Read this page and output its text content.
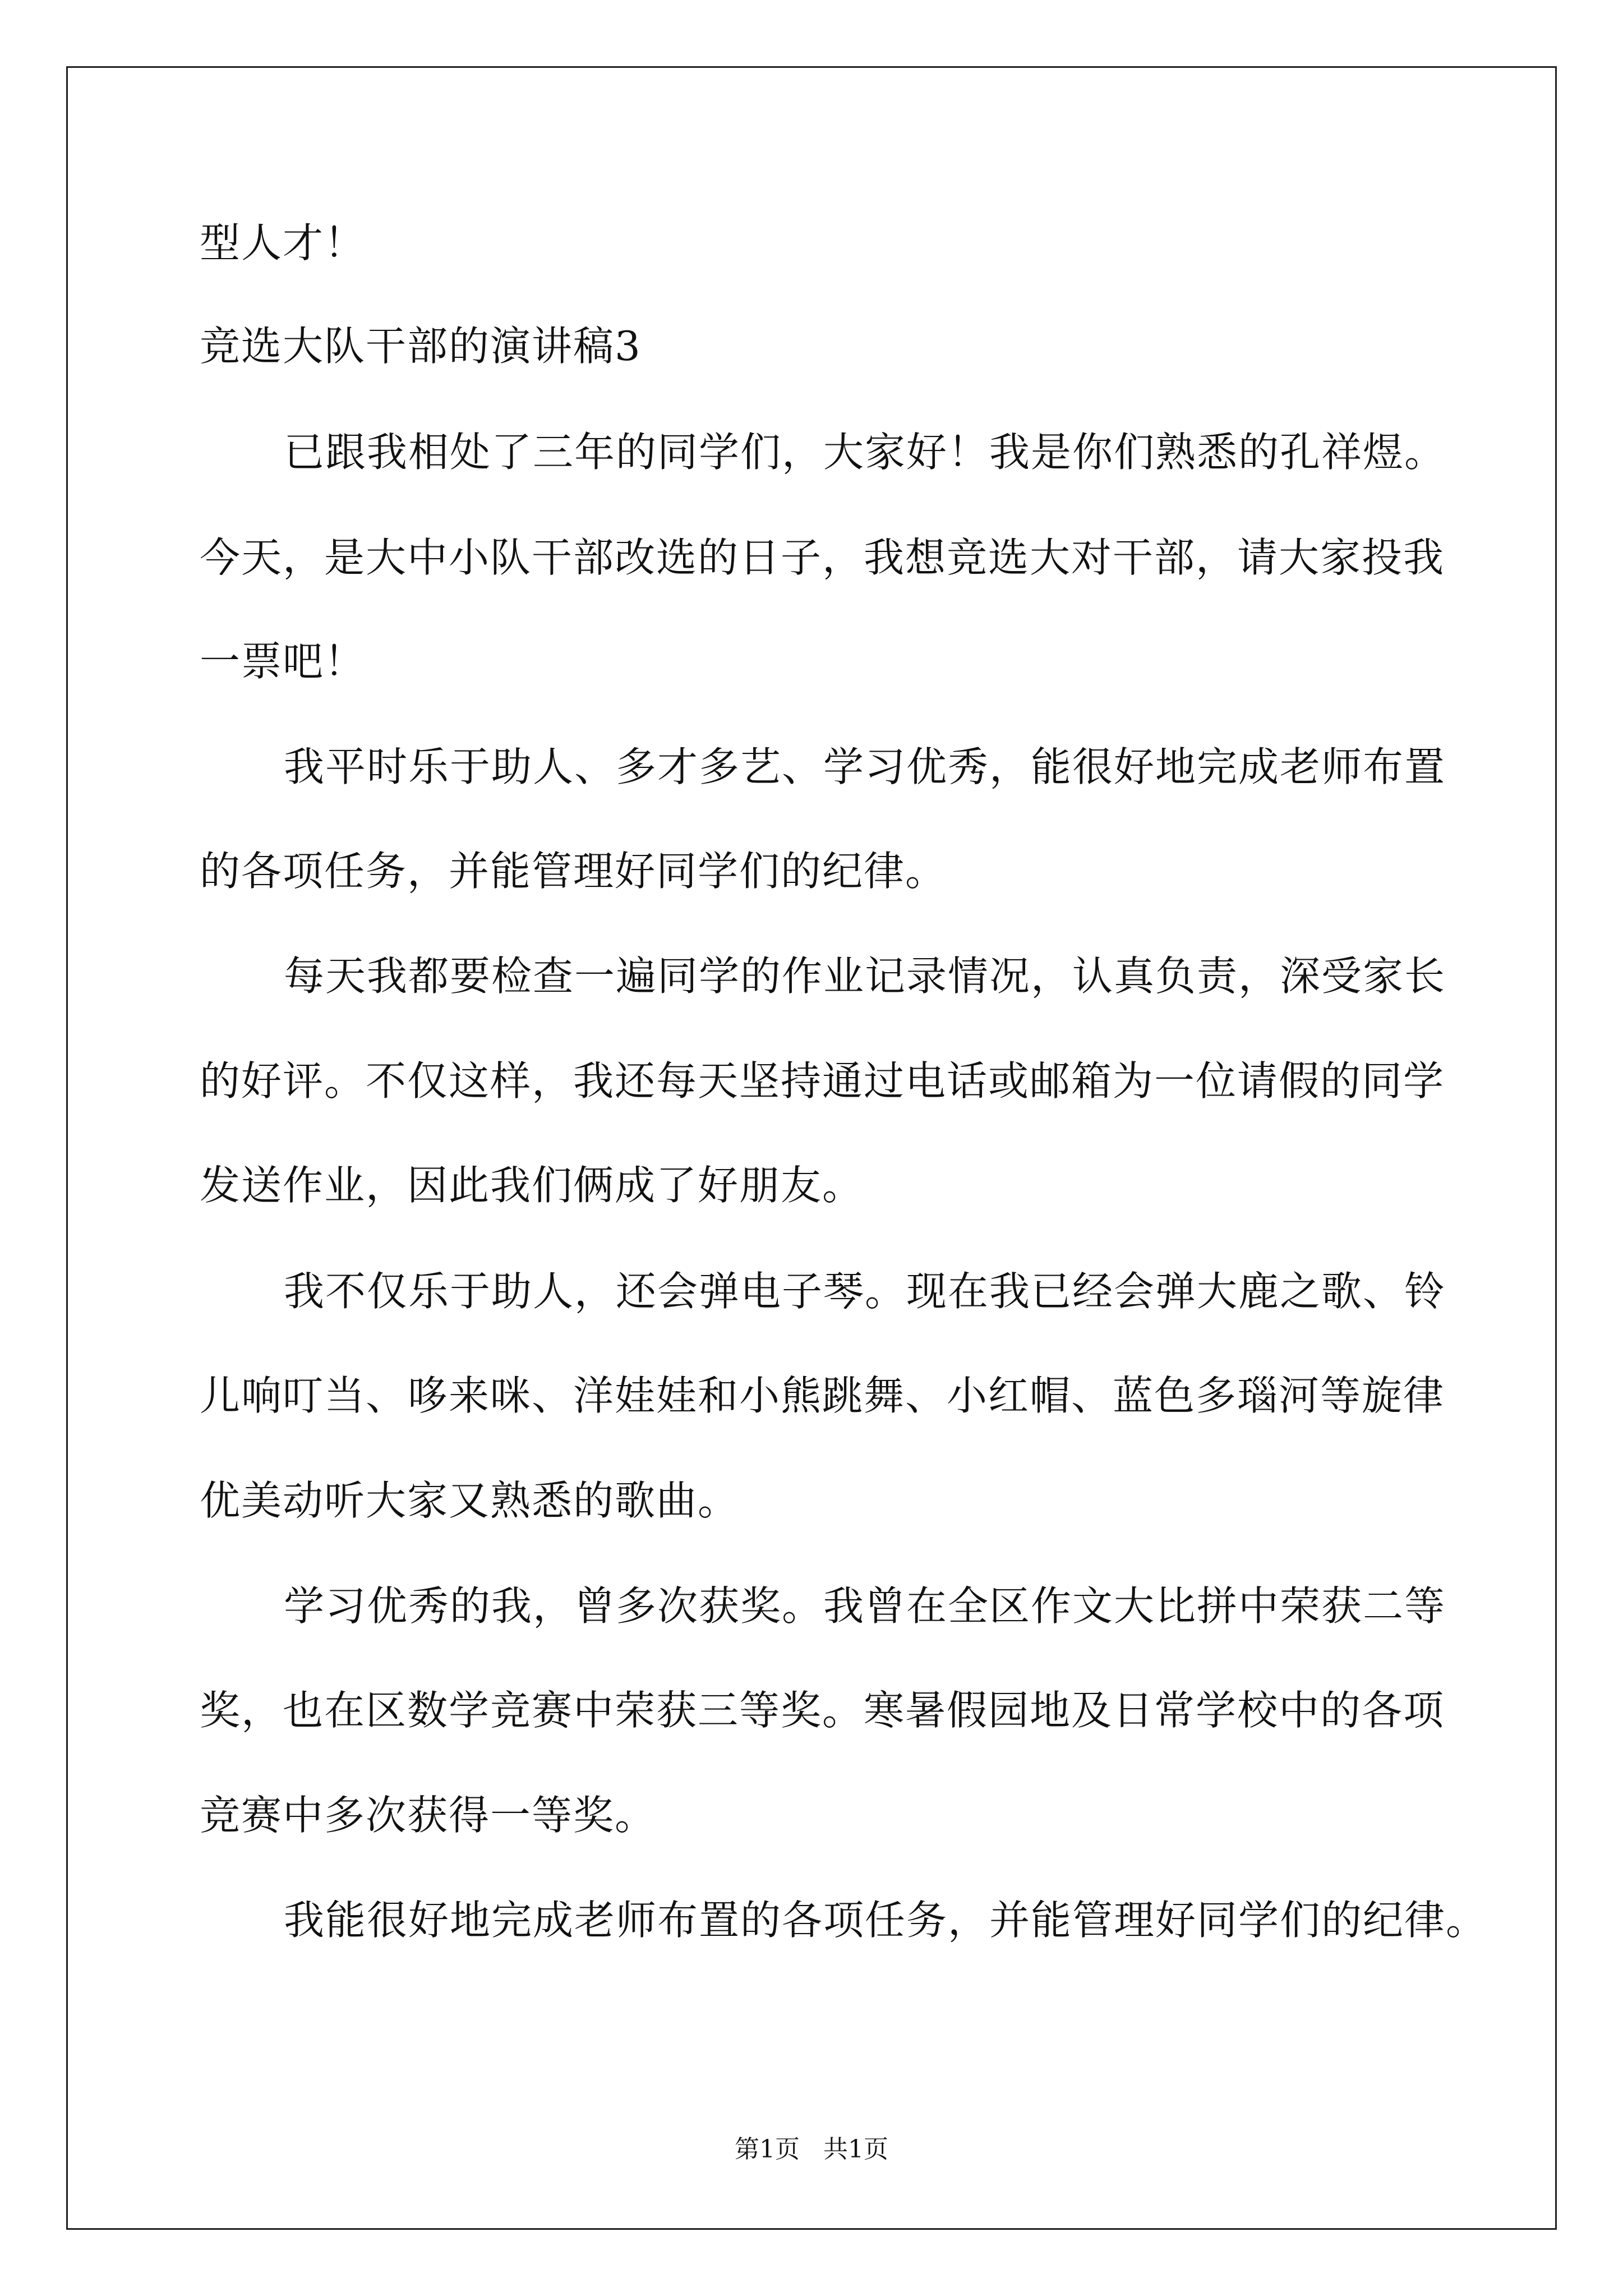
型人才！
竞选大队干部的演讲稿3
已跟我相处了三年的同学们，大家好！我是你们熟悉的孔祥煜。
今天，是大中小队干部改选的日子，我想竞选大对干部，请大家投我
一票吧！
我平时乐于助人、多才多艺、学习优秀，能很好地完成老师布置
的各项任务，并能管理好同学们的纪律。
每天我都要检查一遍同学的作业记录情况，认真负责，深受家长
的好评。不仅这样，我还每天坚持通过电话或邮箱为一位请假的同学
发送作业，因此我们俩成了好朋友。
我不仅乐于助人，还会弹电子琴。现在我已经会弹大鹿之歌、铃
儿响叮当、哆来咪、洋娃娃和小熊跳舞、小红帽、蓝色多瑙河等旋律
优美动听大家又熟悉的歌曲。
学习优秀的我，曾多次获奖。我曾在全区作文大比拼中荣获二等
奖，也在区数学竞赛中荣获三等奖。寒暑假园地及日常学校中的各项
竞赛中多次获得一等奖。
我能很好地完成老师布置的各项任务，并能管理好同学们的纪律。
第1页   共1页
